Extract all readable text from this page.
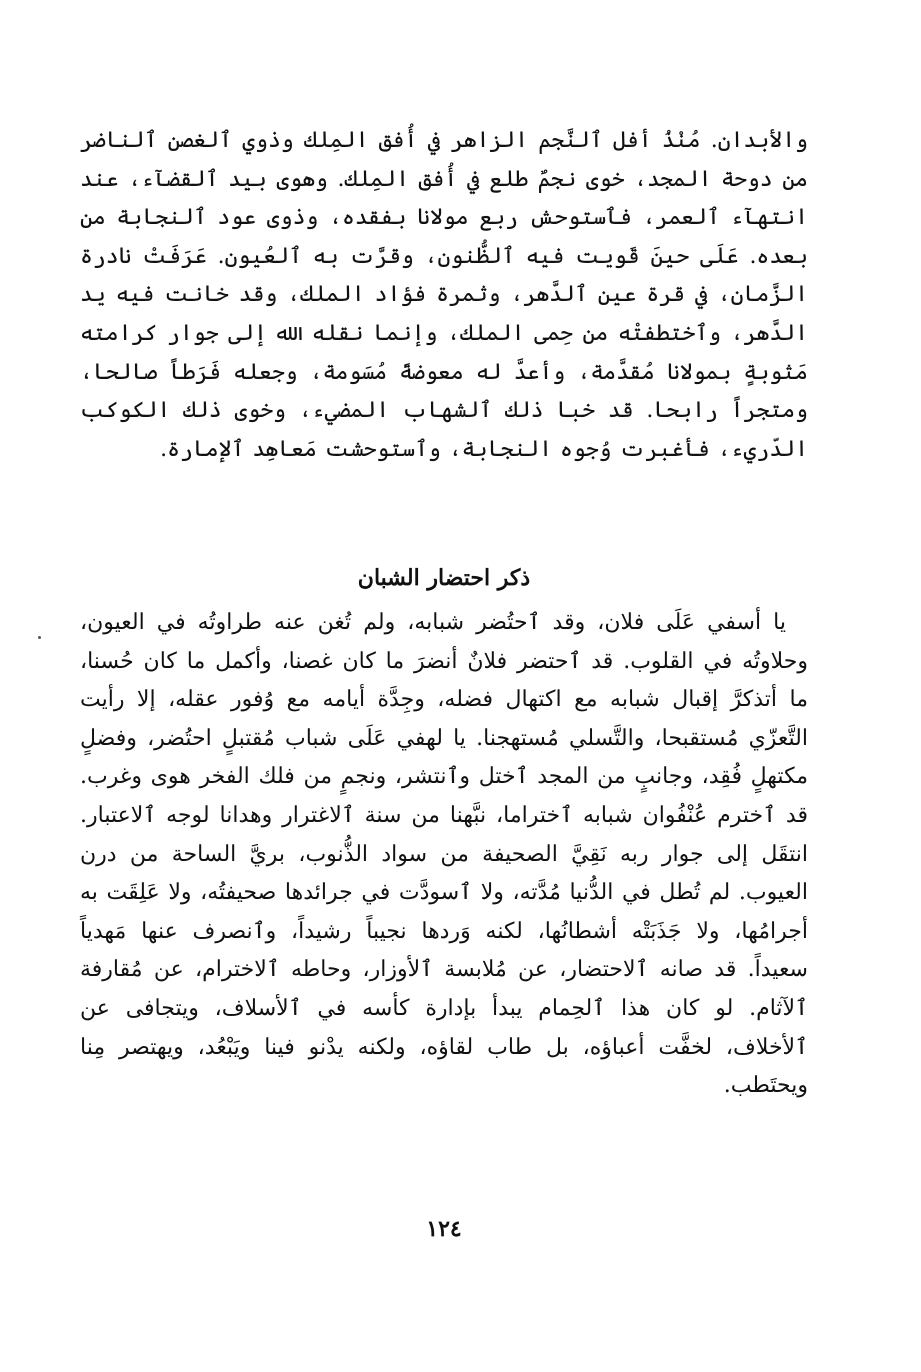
والأبدان. مُنْذُ أفل ٱلنَّجم الزاهر في أُفق المِلك وذوي ٱلغصن ٱلناضر من دوحة المجد، خوى نجمٌ طلع في أُفق المِلك. وهوى بيد ٱلقضآء، عند انتهآء ٱلعمر، فٱستوحش ربع مولانا بفقده، وذوى عود ٱلنجابة من بعده. عَلَى حينَ قَويت فيه ٱلظُّنون، وقرَّت به ٱلعُيون. عَرَفَتْ نادرة الزَّمان، في قرة عين ٱلدَّهر، وثمرة فؤاد الملك، وقد خانت فيه يد الدَّهر، وٱختطفتْه من حِمى الملك، وإنما نقله الله إلى جوار كرامته مَثوبةٍ بمولانا مُقدَّمة، وأعدَّ له معوضةً مُسَومة، وجعله فَرَطاً صالحا، ومتجراً رابحا. قد خبا ذلك ٱلشهاب المضيء، وخوى ذلك الكوكب الدّريء، فأغبرت وُجوه النجابة، وٱستوحشت مَعاهِد ٱلإمارة.

ذكر احتضار الشبان

يا أسفي عَلَى فلان، وقد ٱحتُضر شبابه، ولم تُغن عنه طراوتُه في العيون، وحلاوتُه في القلوب. قد ٱحتضر فلانٌ أنضرَ ما كان غصنا، وأكمل ما كان حُسنا، ما أتذكرَّ إقبال شبابه مع اكتهال فضله، وجِدَّة أيامه مع وُفور عقله، إلا رأيت التَّعزّي مُستقبحا، والتَّسلي مُستهجنا. يا لهفي عَلَى شباب مُقتبلٍ احتُضر، وفضلٍ مكتهلٍ فُقِد، وجانبٍ من المجد ٱختل وٱنتشر، ونجمٍ من فلك الفخر هوى وغرب. قد ٱخترم عُنْفُوان شبابه ٱختراما، نبَّهنا من سنة ٱلاغترار وهدانا لوجه ٱلاعتبار. انتقَل إلى جوار ربه نَقِيَّ الصحيفة من سواد الذُّنوب، بريَّ الساحة من درن العيوب. لم تُطل في الدُّنيا مُدَّته، ولا ٱسودَّت في جرائدها صحيفتُه، ولا عَلِقَت به أجرامُها، ولا جَذَبَتْه أشطانُها، لكنه وَردها نجيباً رشيداً، وٱنصرف عنها مَهدياً سعيداً. قد صانه ٱلاحتضار، عن مُلابسة ٱلأوزار، وحاطه ٱلاخترام، عن مُقارفة ٱلآثام. لو كان هذا ٱلحِمام يبدأ بإدارة كأسه في ٱلأسلاف، ويتجافى عن ٱلأخلاف، لخفَّت أعباؤه، بل طاب لقاؤه، ولكنه يدْنو فينا ويَبْعُد، ويهتصر مِنا ويحتَطب.

١٢٤
